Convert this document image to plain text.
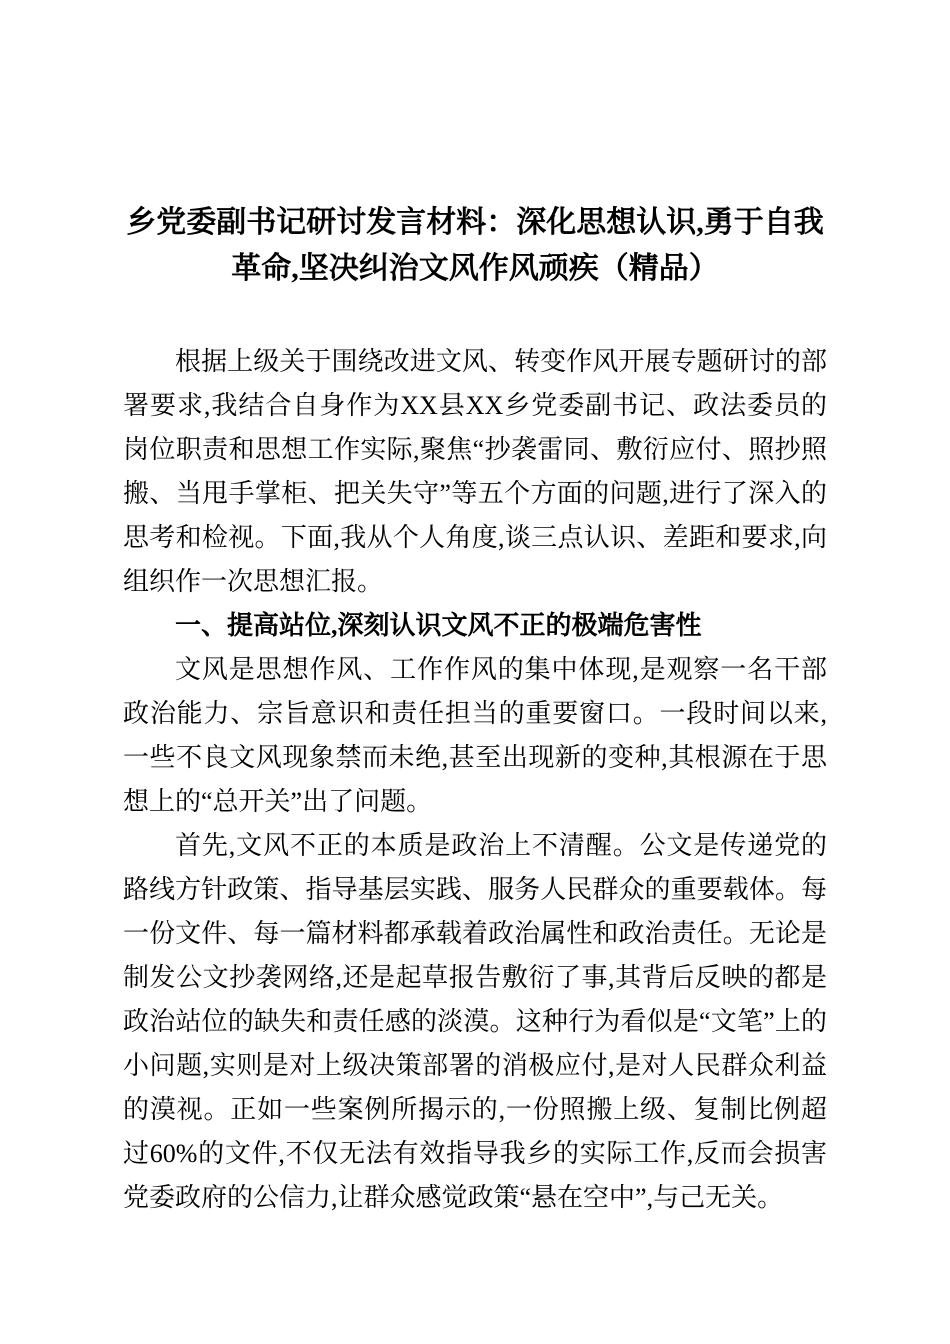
乡党委副书记研讨发言材料：深化思想认识,勇于自我
革命,坚决纠治文风作风顽疾（精品）

根据上级关于围绕改进文风、转变作风开展专题研讨的部署要求,我结合自身作为XX县XX乡党委副书记、政法委员的岗位职责和思想工作实际,聚焦“抄袭雷同、敷衍应付、照抄照搬、当甩手掌柜、把关失守”等五个方面的问题,进行了深入的思考和检视。下面,我从个人角度,谈三点认识、差距和要求,向组织作一次思想汇报。

一、提高站位,深刻认识文风不正的极端危害性

文风是思想作风、工作作风的集中体现,是观察一名干部政治能力、宗旨意识和责任担当的重要窗口。一段时间以来,一些不良文风现象禁而未绝,甚至出现新的变种,其根源在于思想上的“总开关”出了问题。

首先,文风不正的本质是政治上不清醒。公文是传递党的路线方针政策、指导基层实践、服务人民群众的重要载体。每一份文件、每一篇材料都承载着政治属性和政治责任。无论是制发公文抄袭网络,还是起草报告敷衍了事,其背后反映的都是政治站位的缺失和责任感的淡漠。这种行为看似是“文笔”上的小问题,实则是对上级决策部署的消极应付,是对人民群众利益的漠视。正如一些案例所揭示的,一份照搬上级、复制比例超过60%的文件,不仅无法有效指导我乡的实际工作,反而会损害党委政府的公信力,让群众感觉政策“悬在空中”,与己无关。
